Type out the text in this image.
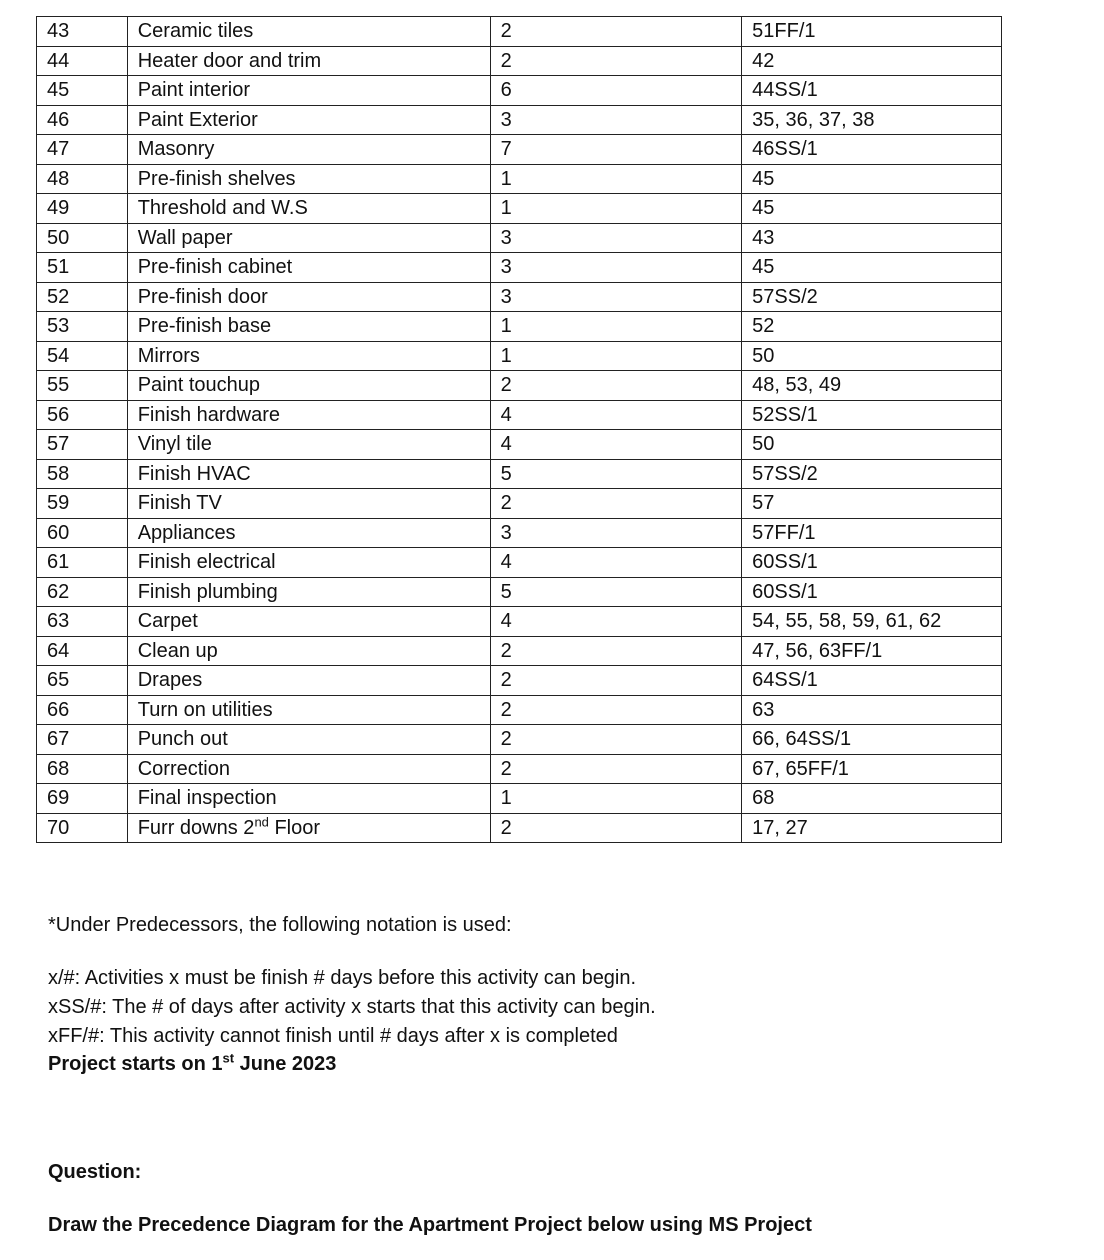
43	Ceramic tiles	2	51FF/1
44	Heater door and trim	2	42
45	Paint interior	6	44SS/1
46	Paint Exterior	3	35, 36, 37, 38
47	Masonry	7	46SS/1
48	Pre-finish shelves	1	45
49	Threshold and W.S	1	45
50	Wall paper	3	43
51	Pre-finish cabinet	3	45
52	Pre-finish door	3	57SS/2
53	Pre-finish base	1	52
54	Mirrors	1	50
55	Paint touchup	2	48, 53, 49
56	Finish hardware	4	52SS/1
57	Vinyl tile	4	50
58	Finish HVAC	5	57SS/2
59	Finish TV	2	57
60	Appliances	3	57FF/1
61	Finish electrical	4	60SS/1
62	Finish plumbing	5	60SS/1
63	Carpet	4	54, 55, 58, 59, 61, 62
64	Clean up	2	47, 56, 63FF/1
65	Drapes	2	64SS/1
66	Turn on utilities	2	63
67	Punch out	2	66, 64SS/1
68	Correction	2	67, 65FF/1
69	Final inspection	1	68
70	Furr downs 2nd Floor	2	17, 27

*Under Predecessors, the following notation is used:

x/#: Activities x must be finish # days before this activity can begin.

xSS/#: The # of days after activity x starts that this activity can begin.

xFF/#: This activity cannot finish until # days after x is completed

Project starts on 1st June 2023

Question:

Draw the Precedence Diagram for the Apartment Project below using MS Project
